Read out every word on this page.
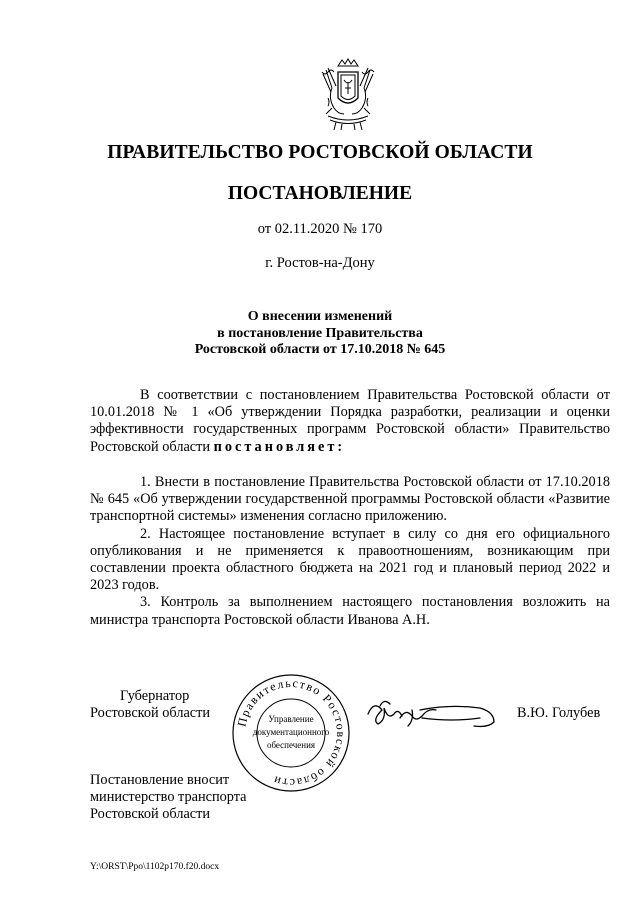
ПРАВИТЕЛЬСТВО РОСТОВСКОЙ ОБЛАСТИ
ПОСТАНОВЛЕНИЕ
от 02.11.2020 № 170
г. Ростов-на-Дону
О внесении изменений
в постановление Правительства
Ростовской области от 17.10.2018 № 645

В соответствии с постановлением Правительства Ростовской области от 10.01.2018 № 1 «Об утверждении Порядка разработки, реализации и оценки эффективности государственных программ Ростовской области» Правительство Ростовской области постановляет:

1. Внести в постановление Правительства Ростовской области от 17.10.2018 № 645 «Об утверждении государственной программы Ростовской области «Развитие транспортной системы» изменения согласно приложению.

2. Настоящее постановление вступает в силу со дня его официального опубликования и не применяется к правоотношениям, возникающим при составлении проекта областного бюджета на 2021 год и плановый период 2022 и 2023 годов.

3. Контроль за выполнением настоящего постановления возложить на министра транспорта Ростовской области Иванова А.Н.

Губернатор
Ростовской области
Правительство Ростовской области
Управление
документационного
обеспечения
В.Ю. Голубев
Постановление вносит
министерство транспорта
Ростовской области
Y:\ORST\Ppo\1102p170.f20.docx
